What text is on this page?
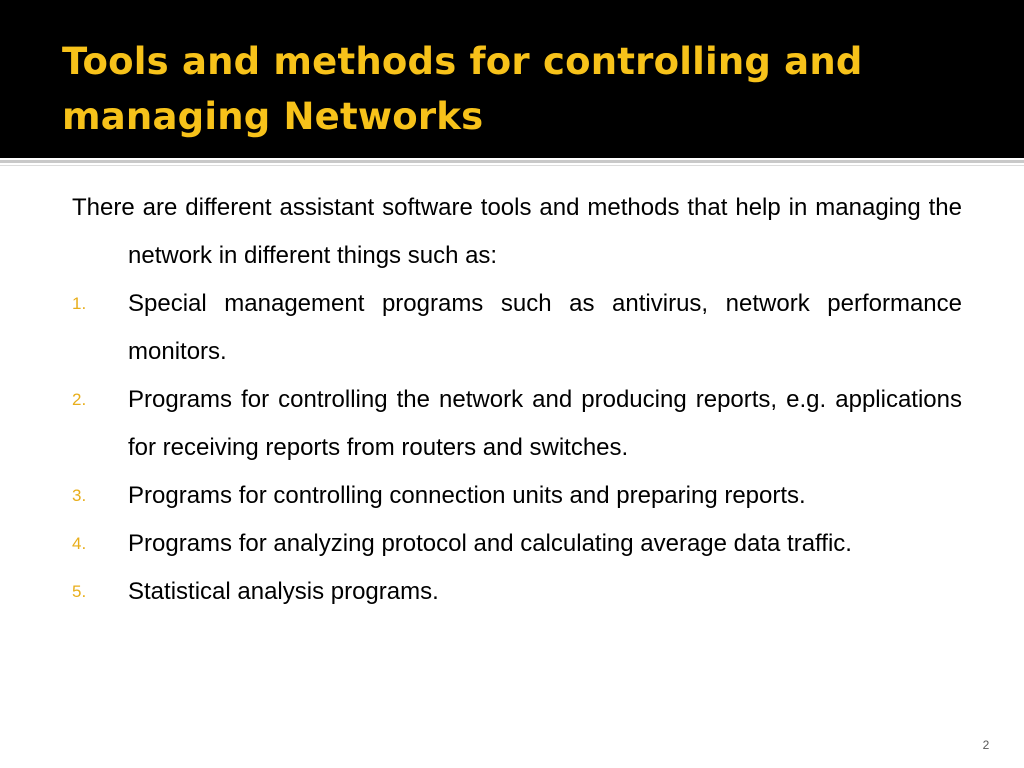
Tools and methods for controlling and managing Networks

There are different assistant software tools and methods that help in managing the network in different things such as:

1. Special management programs such as antivirus, network performance monitors.
2. Programs for controlling the network and producing reports, e.g. applications for receiving reports from routers and switches.
3. Programs for controlling connection units and preparing reports.
4. Programs for analyzing protocol and calculating average data traffic.
5. Statistical analysis programs.
2
